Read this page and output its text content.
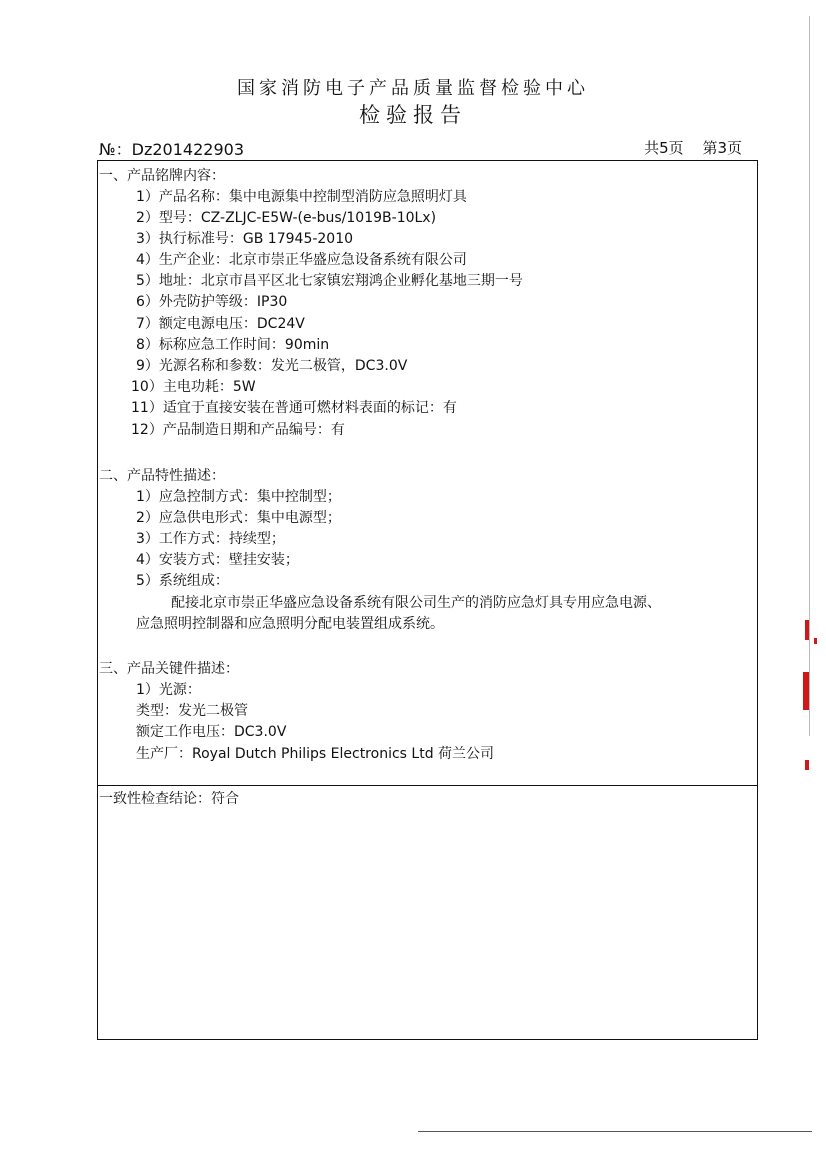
国家消防电子产品质量监督检验中心
检验报告
№：Dz201422903	共5页 第3页
一、产品铭牌内容：
1）产品名称：集中电源集中控制型消防应急照明灯具
2）型号：CZ-ZLJC-E5W-(e-bus/1019B-10Lx)
3）执行标准号：GB 17945-2010
4）生产企业：北京市崇正华盛应急设备系统有限公司
5）地址：北京市昌平区北七家镇宏翔鸿企业孵化基地三期一号
6）外壳防护等级：IP30
7）额定电源电压：DC24V
8）标称应急工作时间：90min
9）光源名称和参数：发光二极管，DC3.0V
10）主电功耗：5W
11）适宜于直接安装在普通可燃材料表面的标记：有
12）产品制造日期和产品编号：有
二、产品特性描述：
1）应急控制方式：集中控制型；
2）应急供电形式：集中电源型；
3）工作方式：持续型；
4）安装方式：壁挂安装；
5）系统组成：
配接北京市崇正华盛应急设备系统有限公司生产的消防应急灯具专用应急电源、
应急照明控制器和应急照明分配电装置组成系统。
三、产品关键件描述：
1）光源：
类型：发光二极管
额定工作电压：DC3.0V
生产厂：Royal Dutch Philips Electronics Ltd 荷兰公司
一致性检查结论：符合
